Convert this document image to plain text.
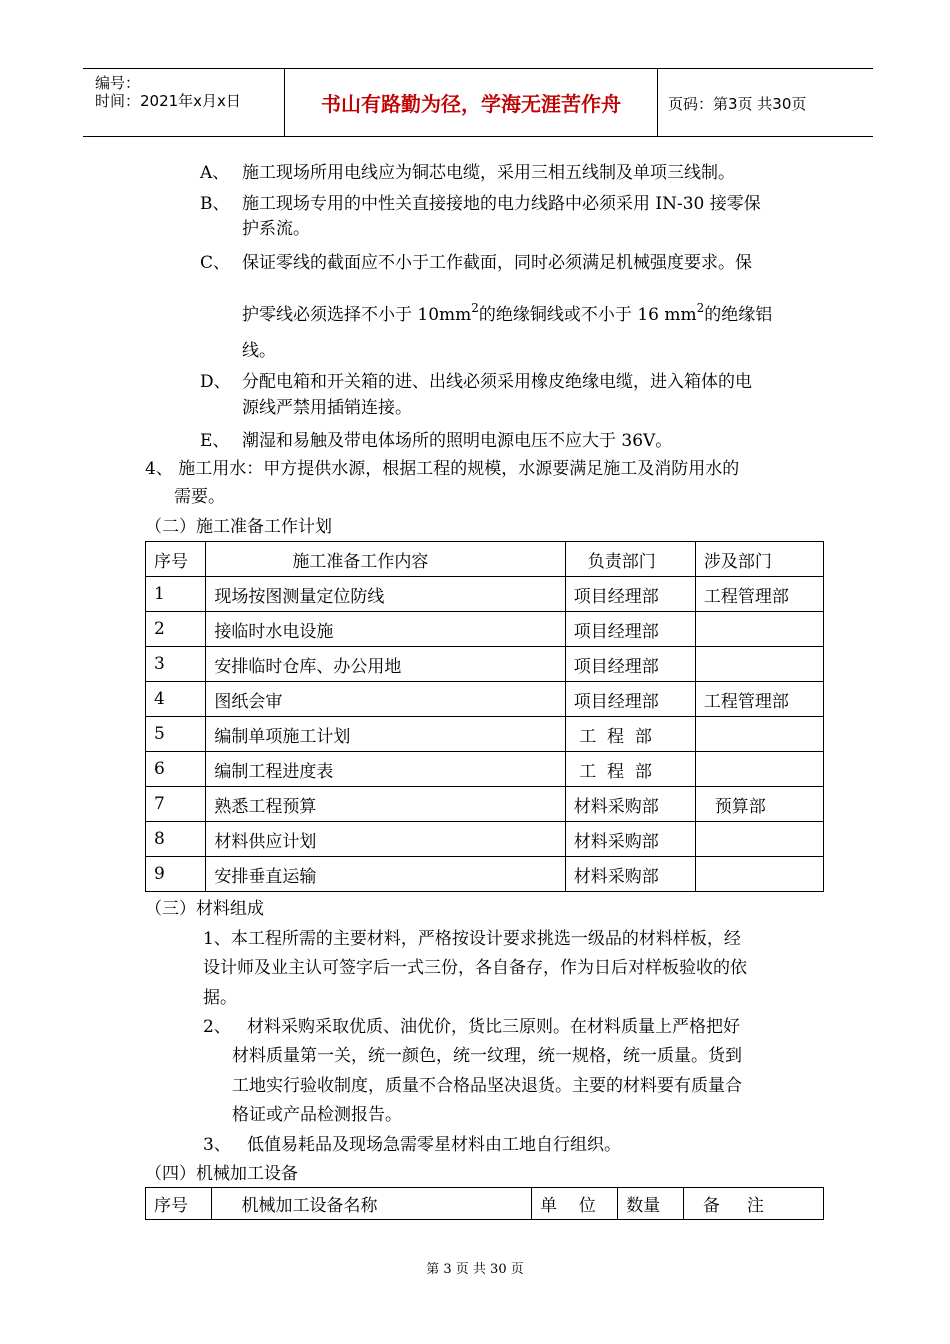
编号：
时间：2021年x月x日	书山有路勤为径，学海无涯苦作舟	页码：第3页 共30页
A、 施工现场所用电线应为铜芯电缆，采用三相五线制及单项三线制。
B、 施工现场专用的中性关直接接地的电力线路中必须采用 IN-30 接零保
护系流。
C、 保证零线的截面应不小于工作截面，同时必须满足机械强度要求。保
护零线必须选择不小于 $10mm^2$的绝缘铜线或不小于 16 $mm^2$的绝缘铝
线。
D、 分配电箱和开关箱的进、出线必须采用橡皮绝缘电缆，进入箱体的电
源线严禁用插销连接。
E、 潮湿和易触及带电体场所的照明电源电压不应大于 36V。
4、 施工用水：甲方提供水源，根据工程的规模，水源要满足施工及消防用水的
需要。
（二）施工准备工作计划
序号	施工准备工作内容	负责部门	涉及部门
1	现场按图测量定位防线	项目经理部	工程管理部
2	接临时水电设施	项目经理部	
3	安排临时仓库、办公用地	项目经理部	
4	图纸会审	项目经理部	工程管理部
5	编制单项施工计划	工  程  部	
6	编制工程进度表	工  程  部	
7	熟悉工程预算	材料采购部	预算部
8	材料供应计划	材料采购部	
9	安排垂直运输	材料采购部	
（三）材料组成
1、本工程所需的主要材料，严格按设计要求挑选一级品的材料样板，经
设计师及业主认可签字后一式三份，各自备存，作为日后对样板验收的依
据。
2、   材料采购采取优质、油优价，货比三原则。在材料质量上严格把好
材料质量第一关，统一颜色，统一纹理，统一规格，统一质量。货到
工地实行验收制度，质量不合格品坚决退货。主要的材料要有质量合
格证或产品检测报告。
3、   低值易耗品及现场急需零星材料由工地自行组织。
（四）机械加工设备
序号	机械加工设备名称	单    位	数量	备     注
第 3 页 共 30 页
